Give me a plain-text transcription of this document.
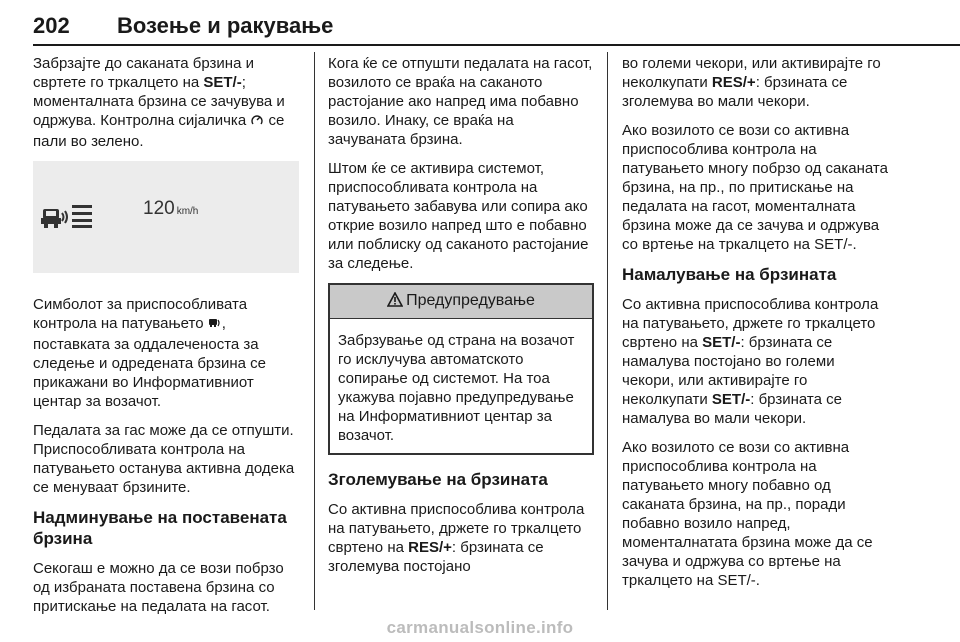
202 Возење и ракување

Забрзајте до саканата брзина и свртете го тркалцето на SET/-; моменталната брзина се зачувува и одржува. Контролна сијаличка  се пали во зелено.

120 km/h

Симболот за приспособливата контрола на патувањето , поставката за оддалеченоста за следење и одредената брзина се прикажани во Информативниот центар за возачот.

Педалата за гас може да се отпушти. Приспособливата контрола на патувањето останува активна додека се менуваат брзините.

Надминување на поставената брзина

Секогаш е можно да се вози побрзо од избраната поставена брзина со притискање на педалата на гасот.

Кога ќе се отпушти педалата на гасот, возилото се враќа на саканото растојание ако напред има побавно возило. Инаку, се враќа на зачуваната брзина.

Штом ќе се активира системот, приспособливата контрола на патувањето забавува или сопира ако открие возило напред што е побавно или поблиску од саканото растојание за следење.

Предупредување
Забрзување од страна на возачот го исклучува автоматското сопирање од системот. На тоа укажува појавно предупредување на Информативниот центар за возачот.
Зголемување на брзината

Со активна приспособлива контрола на патувањето, држете го тркалцето свртено на RES/+: брзината се зголемува постојано

во големи чекори, или активирајте го неколкупати RES/+: брзината се зголемува во мали чекори.

Ако возилото се вози со активна приспособлива контрола на патувањето многу побрзо од саканата брзина, на пр., по притискање на педалата на гасот, моменталната брзина може да се зачува и одржува со вртење на тркалцето на SET/-.

Намалување на брзината

Со активна приспособлива контрола на патувањето, држете го тркалцето свртено на SET/-: брзината се намалува постојано во големи чекори, или активирајте го неколкупати SET/-: брзината се намалува во мали чекори.

Ако возилото се вози со активна приспособлива контрола на патувањето многу побавно од саканата брзина, на пр., поради побавно возило напред, моменталнатата брзина може да се зачува и одржува со вртење на тркалцето на SET/-.

carmanualsonline.info
